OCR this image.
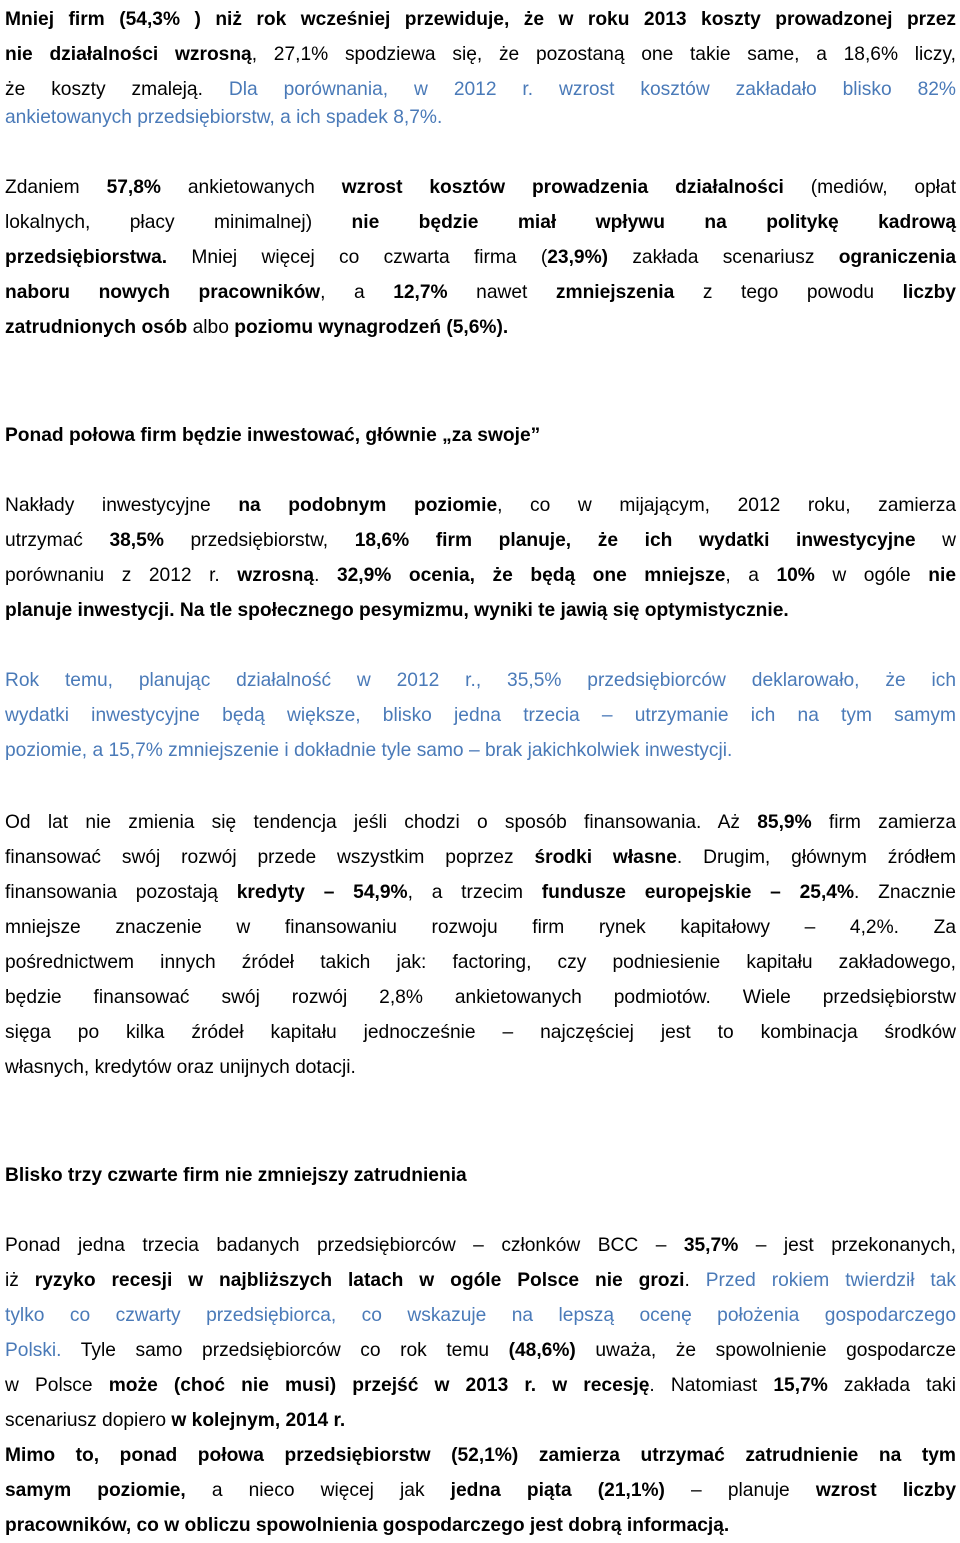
Mniej firm (54,3% ) niż rok wcześniej przewiduje, że w roku 2013 koszty prowadzonej przez
nie działalności wzrosną, 27,1% spodziewa się, że pozostaną one takie same, a 18,6% liczy,
że koszty zmaleją. Dla porównania, w 2012 r. wzrost kosztów zakładało blisko 82%
ankietowanych przedsiębiorstw, a ich spadek 8,7%.
Zdaniem 57,8% ankietowanych wzrost kosztów prowadzenia działalności (mediów, opłat
lokalnych, płacy minimalnej) nie będzie miał wpływu na politykę kadrową
przedsiębiorstwa. Mniej więcej co czwarta firma (23,9%) zakłada scenariusz ograniczenia
naboru nowych pracowników, a 12,7% nawet zmniejszenia z tego powodu liczby
zatrudnionych osób albo poziomu wynagrodzeń (5,6%).
Ponad połowa firm będzie inwestować, głównie „za swoje”
Nakłady inwestycyjne na podobnym poziomie, co w mijającym, 2012 roku, zamierza
utrzymać 38,5% przedsiębiorstw, 18,6% firm planuje, że ich wydatki inwestycyjne w
porównaniu z 2012 r. wzrosną. 32,9% ocenia, że będą one mniejsze, a 10% w ogóle nie
planuje inwestycji. Na tle społecznego pesymizmu, wyniki te jawią się optymistycznie.
Rok temu, planując działalność w 2012 r., 35,5% przedsiębiorców deklarowało, że ich
wydatki inwestycyjne będą większe, blisko jedna trzecia – utrzymanie ich na tym samym
poziomie, a 15,7% zmniejszenie i dokładnie tyle samo – brak jakichkolwiek inwestycji.
Od lat nie zmienia się tendencja jeśli chodzi o sposób finansowania. Aż 85,9% firm zamierza
finansować swój rozwój przede wszystkim poprzez środki własne. Drugim, głównym źródłem
finansowania pozostają kredyty – 54,9%, a trzecim fundusze europejskie – 25,4%. Znacznie
mniejsze znaczenie w finansowaniu rozwoju firm rynek kapitałowy – 4,2%. Za
pośrednictwem innych źródeł takich jak: factoring, czy podniesienie kapitału zakładowego,
będzie finansować swój rozwój 2,8% ankietowanych podmiotów. Wiele przedsiębiorstw
sięga po kilka źródeł kapitału jednocześnie – najczęściej jest to kombinacja środków
własnych, kredytów oraz unijnych dotacji.
Blisko trzy czwarte firm nie zmniejszy zatrudnienia
Ponad jedna trzecia badanych przedsiębiorców – członków BCC – 35,7% – jest przekonanych,
iż ryzyko recesji w najbliższych latach w ogóle Polsce nie grozi. Przed rokiem twierdził tak
tylko co czwarty przedsiębiorca, co wskazuje na lepszą ocenę położenia gospodarczego
Polski. Tyle samo przedsiębiorców co rok temu (48,6%) uważa, że spowolnienie gospodarcze
w Polsce może (choć nie musi) przejść w 2013 r. w recesję. Natomiast 15,7% zakłada taki
scenariusz dopiero w kolejnym, 2014 r.
Mimo to, ponad połowa przedsiębiorstw (52,1%) zamierza utrzymać zatrudnienie na tym
samym poziomie, a nieco więcej jak jedna piąta (21,1%) – planuje wzrost liczby
pracowników, co w obliczu spowolnienia gospodarczego jest dobrą informacją.
